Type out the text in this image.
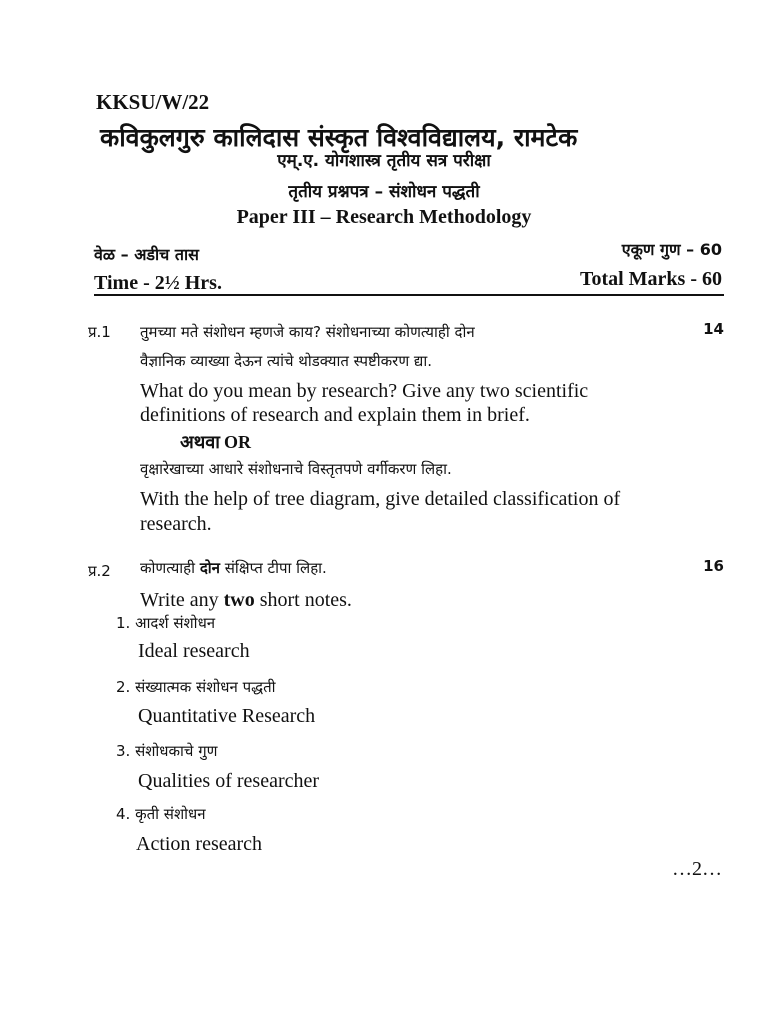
KKSU/W/22
कविकुलगुरु कालिदास संस्कृत विश्वविद्यालय, रामटेक
एम्.ए. योगशास्त्र तृतीय सत्र परीक्षा
तृतीय प्रश्नपत्र – संशोधन पद्धती
Paper III – Research Methodology
वेळ – अडीच तास	एकूण गुण – 60
Time - 2½ Hrs.	Total Marks - 60
प्र.1	14
तुमच्या मते संशोधन म्हणजे काय? संशोधनाच्या कोणत्याही दोन
वैज्ञानिक व्याख्या देऊन त्यांचे थोडक्यात स्पष्टीकरण द्या.
What do you mean by research? Give any two scientific
definitions of research and explain them in brief.
अथवा OR
वृक्षारेखाच्या आधारे संशोधनाचे विस्तृतपणे वर्गीकरण लिहा.
With the help of tree diagram, give detailed classification of
research.
प्र.2	16
कोणत्याही दोन संक्षिप्त टीपा लिहा.
Write any two short notes.
1. आदर्श संशोधन
Ideal research
2. संख्यात्मक संशोधन पद्धती
Quantitative Research
3. संशोधकाचे गुण
Qualities of researcher
4. कृती संशोधन
Action research
…2…
